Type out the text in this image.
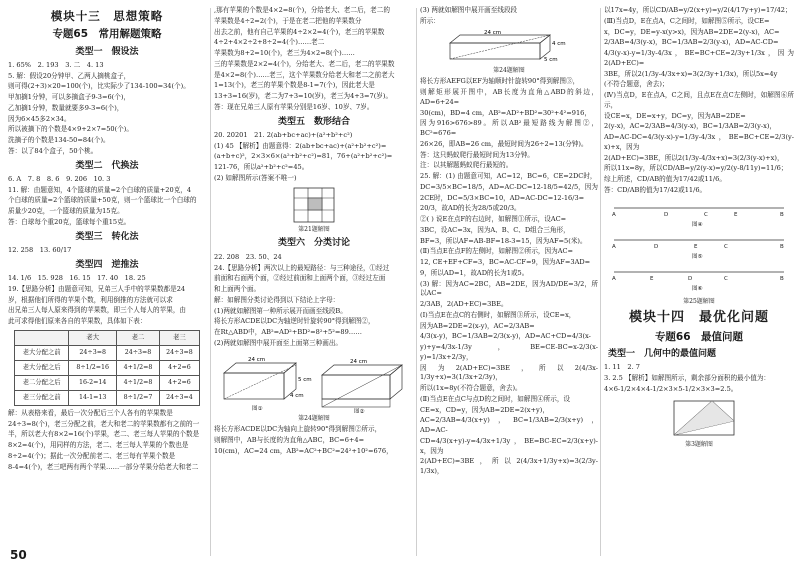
模块十三　思想策略
专题65　常用解题策略
类型一　假设法

1. 65%　2. 193　3. 二　4. 13

5. 解：假设20分钟甲、乙两人摘桃盒子，

则可得(2+3)×20=100(个)，比实际少了134-100=34(个)。

甲加摘1分钟，可以多摘盒子9-3=6(个)，

乙加摘1分钟，数量就要多9-3=6(个)，

因为6×45多2×34。

所以被摘下的个数是4×9+2×7=50(个)。

洗摘子的个数是134-50=84(个)。

答：以了84个盒子，50个桃。

类型二　代换法

6. A　7. 8　8. 6　9. 206　10. 3

11. 解：由题意知，4个篮球的质量=2个白球的质量+20克，4

个白球的质量=2个篮球的质量+50克，则一个篮球比一个白球的

质量少20克，一个篮球的质量为15克。

答：白球每个重20克，篮球每个重15克。

类型三　转化法

12. 258　13. 60/17

类型四　逆推法

14. 1/6　15. 928　16. 15　17. 40　18. 25

19.【思路分析】由题意可知，兄弟三人手中的苹果数都是24

岁，根据他们所得的苹果个数，利用倒推的方法就可以求

出兄弟三人每人原来得到的苹果数，即三个人每人的苹果，由

此可求得他们原来各自的苹果数，具体如下表：

	老大	老二	老三
老大分配之前	24÷3=8	24÷3=8	24÷3=8
老大分配之后	8÷1/2=16	4+1/2=8	4+2=6
老二分配之后	16-2=14	4÷1/2=8	4+2=6
老三分配之前	14-1=13	8÷1/2=7	24÷3=4

解：从表格来看，最后一次分配后三个人各有的苹果数是

24÷3=8(个)，老三分配之前，老大和老二的苹果数都有之前的一

半，所以老大有8×2=16(个)苹果，老二、老三每人苹果的个数是

8×2=4(个)，用同样的方法，老二、老三每人苹果的个数也是

8÷2=4(个)；据此一次分配前老二、老三每有苹果个数是

8-4=4(个)，老三吧两有两个苹果……一部分苹果分给老大和老二

50

,那有苹果的个数是4×2=8(个)，分给老大、老二后，老二的

苹果数是4÷2=2(个)，于是在老二把他的苹果数分

出去之前，他有自己苹果的4÷2×2=4(个)，老三的苹果数

4÷2+4×2÷2+8÷2=4(个)……老二

苹果数为8+2=10(个)，老三为4×2=8(个)……

三的苹果数是2×2=4(个)，分给老大、老二后，老二的苹果数

是4×2=8(个)……老三，这个苹果数分给老大和老二之前老大

1=13(个)，老三的苹果个数是8-1=7(个)，因此老大是

13+3=16(岁)，老二为7+3=10(岁)，老三为4+3=7(岁)。

答：现在兄弟三人原有苹果分别是16岁、10岁、7岁。

类型五　数形结合

20. 20201　21. 2(ab+bc+ac)+(a²+b²+c²)

(1) 45 【解析】由题意得：2(ab+bc+ac)+(a²+b²+c²)=

(a+b+c)²，2×3×6×(a²+b²+c²)=81，76+(a²+b²+c²)=

121-76，所以a²+b²+c²=45。

(2) 如解图所示(答案不唯一)

第21题解图
类型六　分类讨论

22. 208　23. 50、24

24.【思路分析】两次以上的最短路径：与三种途径，①经过

前面和右面两个面，②经过前面和上面两个面，③经过左面

和上面两个面。

解：如解图分类讨论得到以下结论上字母：

(1)两就如解图第一种所示展开而画至线段B。

将长方形ACDE以DC为轴逆时针旋转90°得到解图②，

在Rt△ABD中，AB²=AD²+BD²=8²+5²=89……

(2)两就如解图中展开面至上面第三种画出。

24 cm
5 cm
4 cm
24 cm
图①	图②
第24题解图

将长方形ACDE以DC为轴向上旋转90°得到解图②所示，

则解图中，AB与长度的为直角△ABC，BC=6+4=

10(cm)，AC=24 cm，AB²=AC²+BC²=24²+10²=676，

(3) 两就如解图中展开画至线段段

所示：

24 cm
4 cm
5 cm
第24题解图

将长方形AEFG以EF为轴顺时针旋转90°得到解图③，

则解矩形展开图中，AB长度为直角△ABD的斜边，AD=6+24=

30(cm)，BD=4 cm，AB²=AD²+BD²=30²+4²=916，

因为916>676>89。所以AB²最短路线为解图②，BC²=676=

26×26，即AB=26 cm，最短时间为26÷2=13(分钟)。

答：这只蚂蚁爬行最短时间为13分钟。

注：以其解题蚂蚁爬行最短的。

25. 解：(1) 由题意可知，AC=12，BC=6，CE=2DC时，

DC=3/5×BC=18/5，AD=AC-DC=12-18/5=42/5，因为

2CE时，DC=5/3×BC=10，AD=AC-DC=12-16/3=

20/3，故AD的长为28/5或20/3。

②( ) 说E在点F的右边时，如解图①所示，设AC=

3BC，设AC=3x，因为A、B、C、D组合三角形，

BF=3，所以AF=AB-BF=18-3=15，因为AF=5(米)。

(Ⅱ)当点E在点F的左侧时，如解图②所示，因为AC=

12, CE+EF+CF=3，BC=AC-CF=9，因为AF=3AD=

9，所以AD=1，故AD的长为1或5。

(3) 解：因为AC=2BC，AB=2DE，因为AD/DE=3/2，所以AC=

2/3AB，2(AD+EC)=3BE。

(Ⅰ)当点E在点C的右侧时，如解图③所示，设CE=x，

因为AB=2DE=2(x-y)，AC=2/3AB=

4/3(x-y)，BC=1/3AB=2/3(x-y)，AD=AC+CD=4/3(x-

y)+y=4/3x-1/3y，BE=CE-BC=x-2/3(x-y)=1/3x+2/3y，

因为2(AD+EC)=3BE，所以2(4/3x-1/3y+x)=3(1/3x+2/3y)，

所以(1x=8y(不符合题意，舍去)。

(Ⅱ)当点E在点C与点D的之间时，如解图④所示，设

CE=x，CD=y，因为AB=2DE=2(x+y)，

AC=2/3AB=4/3(x+y)，BC=1/3AB=2/3(x+y)，AD=AC-

CD=4/3(x+y)-y=4/3x+1/3y，BE=BC-EC=2/3(x+y)-x，因为

2(AD+EC)=3BE，所以2(4/3x+1/3y+x)=3(2/3y-1/3x)，

以17x=4y，所以CD/AB=y/2(x+y)=y/2(4/17y+y)=17/42；

(Ⅲ)当点D，E在点A，C之间时，如解图⑤所示，设CE=

x，DC=y，DE=y-x(y>x)，因为AB=2DE=2(y-x)，AC=

2/3AB=4/3(y-x)，BC=1/3AB=2/3(y-x)，AD=AC-CD=

4/3(y-x)-y=1/3y-4/3x，BE=BC+CE=2/3y+1/3x，因为2(AD+EC)=

3BE，所以2(1/3y-4/3x+x)=3(2/3y+1/3x)，所以5x=4y

(不符合题意，舍去)；

(Ⅳ)当点D，E在点A，C之间，且点E在点C左侧时，如解图⑥所示，

设CE=x，DE=x+y，DC=y，因为AB=2DE=

2(y-x)，AC=2/3AB=4/3(y-x)，BC=1/3AB=2/3(y-x)，

AD=AC-DC=4/3(y-x)-y=1/3y-4/3x，BE=BC+CE=2/3(y-x)+x，因为

2(AD+EC)=3BE，所以2(1/3y-4/3x+x)=3(2/3(y-x)+x)，

所以11x=8y，所以CD/AB=y/2(y-x)=y/2(y-8/11y)=11/6；

综上所述，CD/AB的值为17/42或11/6。

答：CD/AB的值为17/42或11/6。

A	D	C	E	B
A	D	E	C	B
A	E	D	C	B
图④
图⑤
图⑥
第25题解图
模块十四　最优化问题
专题66　最值问题
类型一　几何中的最值问题

1. 11　2. 7

3. 2.5 【解析】如解图所示，剩余部分面积的最小值为：

4×6-1/2×4×4-1/2×3×5-1/2×3×3=2.5。

第3题解图
